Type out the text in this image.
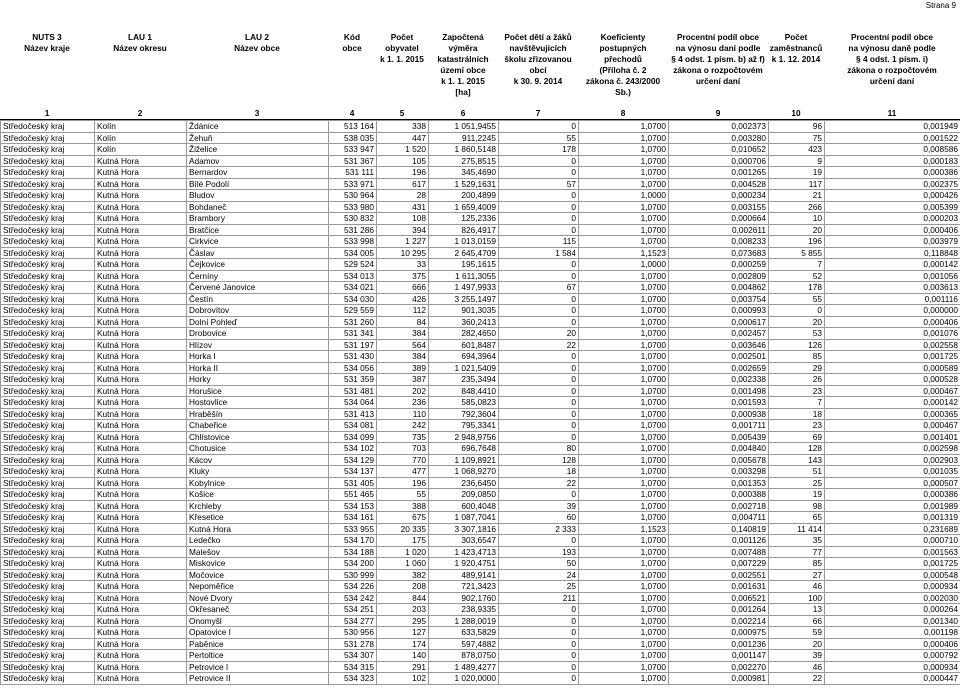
Strana 9
NUTS 3
Název kraje

LAU 1
Název okresu

LAU 2
Název obce

Kód
obce

Počet
obyvatel
k 1. 1. 2015

Započtená výměra
katastrálních
území obce
k 1. 1. 2015
[ha]

Počet dětí a žáků
navštěvujících
školu zřizovanou
obcí
k 30. 9. 2014

Koeficienty
postupných
přechodů
(Příloha č. 2
zákona č. 243/2000 Sb.)

Procentní podíl obce
na výnosu daní podle
§ 4 odst. 1 písm. b) až f)
zákona o rozpočtovém
určení daní

Počet
zaměstnanců
k 1. 12. 2014

Procentní podíl obce
na výnosu daně podle
§ 4 odst. 1 písm. i)
zákona o rozpočtovém
určení daní
1	2	3	4	5	6	7	8	9	10	11
Středočeský kraj	Kolín	Ždánice	513 164	338	1 051,9455	0	1,0700	0,002373	96	0,001949
Středočeský kraj	Kolín	Žehuň	538 035	447	911,2245	55	1,0700	0,003280	75	0,001522
Středočeský kraj	Kolín	Žiželice	533 947	1 520	1 860,5148	178	1,0700	0,010652	423	0,008586
Středočeský kraj	Kutná Hora	Adamov	531 367	105	275,8515	0	1,0700	0,000706	9	0,000183
Středočeský kraj	Kutná Hora	Bernardov	531 111	196	345,4690	0	1,0700	0,001265	19	0,000386
Středočeský kraj	Kutná Hora	Bílé Podolí	533 971	617	1 529,1631	57	1,0700	0,004528	117	0,002375
Středočeský kraj	Kutná Hora	Bludov	530 964	28	200,4899	0	1,0000	0,000234	21	0,000426
Středočeský kraj	Kutná Hora	Bohdaneč	533 980	431	1 659,4009	0	1,0700	0,003155	266	0,005399
Středočeský kraj	Kutná Hora	Brambory	530 832	108	125,2336	0	1,0700	0,000664	10	0,000203
Středočeský kraj	Kutná Hora	Bratčice	531 286	394	826,4917	0	1,0700	0,002611	20	0,000406
Středočeský kraj	Kutná Hora	Cirkvice	533 998	1 227	1 013,0159	115	1,0700	0,008233	196	0,003979
Středočeský kraj	Kutná Hora	Čáslav	534 005	10 295	2 645,4709	1 584	1,1523	0,073683	5 855	0,118848
Středočeský kraj	Kutná Hora	Čejkovice	529 524	33	195,1615	0	1,0000	0,000259	7	0,000142
Středočeský kraj	Kutná Hora	Černíny	534 013	375	1 611,3055	0	1,0700	0,002809	52	0,001056
Středočeský kraj	Kutná Hora	Červené Janovice	534 021	666	1 497,9933	67	1,0700	0,004862	178	0,003613
Středočeský kraj	Kutná Hora	Čestín	534 030	426	3 255,1497	0	1,0700	0,003754	55	0,001116
Středočeský kraj	Kutná Hora	Dobrovítov	529 559	112	901,3035	0	1,0700	0,000993	0	0,000000
Středočeský kraj	Kutná Hora	Dolní Pohleď	531 260	84	360,2413	0	1,0700	0,000617	20	0,000406
Středočeský kraj	Kutná Hora	Drobovice	531 341	384	282,4650	20	1,0700	0,002457	53	0,001076
Středočeský kraj	Kutná Hora	Hlízov	531 197	564	601,8487	22	1,0700	0,003646	126	0,002558
Středočeský kraj	Kutná Hora	Horka I	531 430	384	694,3964	0	1,0700	0,002501	85	0,001725
Středočeský kraj	Kutná Hora	Horka II	534 056	389	1 021,5409	0	1,0700	0,002659	29	0,000589
Středočeský kraj	Kutná Hora	Horky	531 359	387	235,3494	0	1,0700	0,002338	26	0,000528
Středočeský kraj	Kutná Hora	Horušice	531 481	202	848,4410	0	1,0700	0,001498	23	0,000467
Středočeský kraj	Kutná Hora	Hostovlice	534 064	236	585,0823	0	1,0700	0,001593	7	0,000142
Středočeský kraj	Kutná Hora	Hraběšín	531 413	110	792,3604	0	1,0700	0,000938	18	0,000365
Středočeský kraj	Kutná Hora	Chabeřice	534 081	242	795,3341	0	1,0700	0,001711	23	0,000467
Středočeský kraj	Kutná Hora	Chlístovice	534 099	735	2 948,9756	0	1,0700	0,005439	69	0,001401
Středočeský kraj	Kutná Hora	Chotusice	534 102	703	696,7648	80	1,0700	0,004840	128	0,002598
Středočeský kraj	Kutná Hora	Kácov	534 129	770	1 109,8921	128	1,0700	0,005678	143	0,002903
Středočeský kraj	Kutná Hora	Kluky	534 137	477	1 068,9270	18	1,0700	0,003298	51	0,001035
Středočeský kraj	Kutná Hora	Kobylnice	531 405	196	236,6450	22	1,0700	0,001353	25	0,000507
Středočeský kraj	Kutná Hora	Košice	551 465	55	209,0850	0	1,0700	0,000388	19	0,000386
Středočeský kraj	Kutná Hora	Krchleby	534 153	388	600,4048	39	1,0700	0,002718	98	0,001989
Středočeský kraj	Kutná Hora	Křesetice	534 161	675	1 087,7041	60	1,0700	0,004711	65	0,001319
Středočeský kraj	Kutná Hora	Kutná Hora	533 955	20 335	3 307,1816	2 333	1,1523	0,140819	11 414	0,231689
Středočeský kraj	Kutná Hora	Ledečko	534 170	175	303,6547	0	1,0700	0,001126	35	0,000710
Středočeský kraj	Kutná Hora	Malešov	534 188	1 020	1 423,4713	193	1,0700	0,007488	77	0,001563
Středočeský kraj	Kutná Hora	Miskovice	534 200	1 060	1 920,4751	50	1,0700	0,007229	85	0,001725
Středočeský kraj	Kutná Hora	Močovice	530 999	382	489,9141	24	1,0700	0,002551	27	0,000548
Středočeský kraj	Kutná Hora	Nepoměřice	534 226	208	721,3423	25	1,0700	0,001631	46	0,000934
Středočeský kraj	Kutná Hora	Nové Dvory	534 242	844	902,1760	211	1,0700	0,006521	100	0,002030
Středočeský kraj	Kutná Hora	Okřesaneč	534 251	203	238,9335	0	1,0700	0,001264	13	0,000264
Středočeský kraj	Kutná Hora	Onomyšl	534 277	295	1 288,0019	0	1,0700	0,002214	66	0,001340
Středočeský kraj	Kutná Hora	Opatovice I	530 956	127	633,5829	0	1,0700	0,000975	59	0,001198
Středočeský kraj	Kutná Hora	Paběnice	531 278	174	597,4882	0	1,0700	0,001236	20	0,000406
Středočeský kraj	Kutná Hora	Pertoltice	534 307	140	878,0750	0	1,0700	0,001147	39	0,000792
Středočeský kraj	Kutná Hora	Petrovice I	534 315	291	1 489,4277	0	1,0700	0,002270	46	0,000934
Středočeský kraj	Kutná Hora	Petrovice II	534 323	102	1 020,0000	0	1,0700	0,000981	22	0,000447
